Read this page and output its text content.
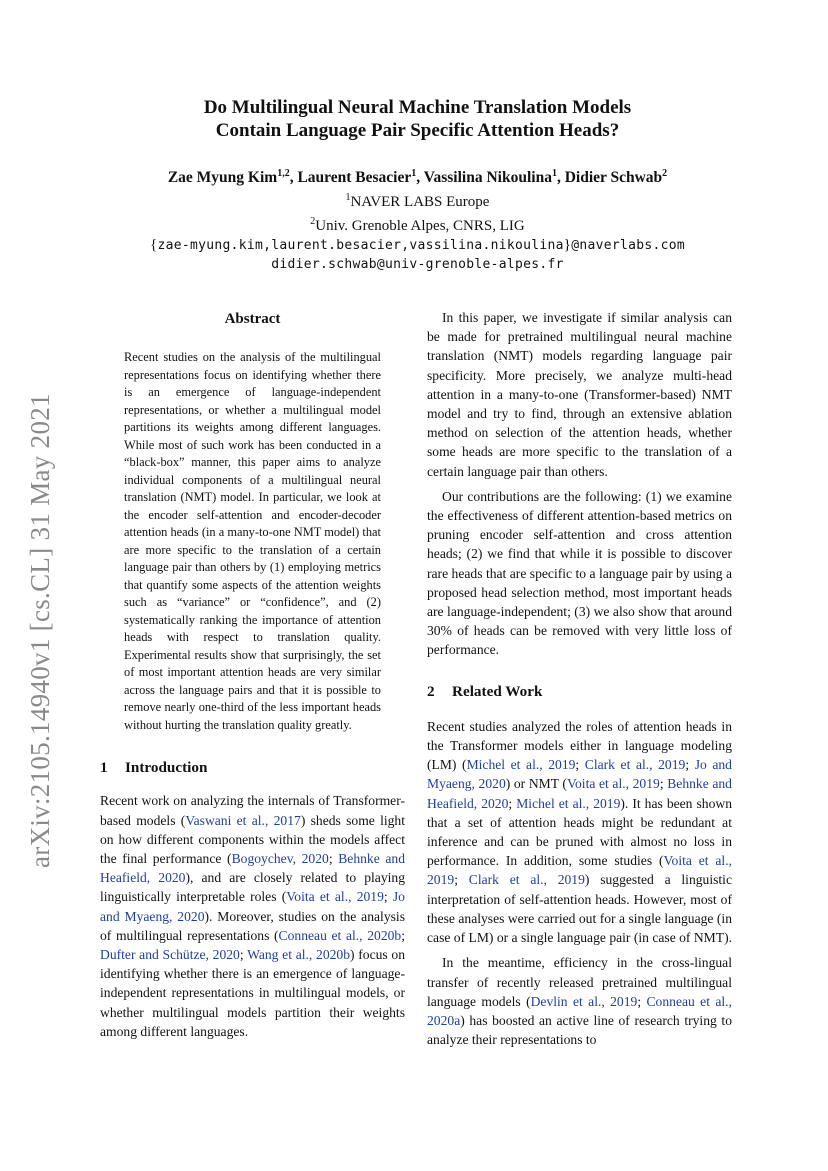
arXiv:2105.14940v1 [cs.CL] 31 May 2021
Do Multilingual Neural Machine Translation Models
Contain Language Pair Specific Attention Heads?
Zae Myung Kim$^{1,2}$, Laurent Besacier$^1$, Vassilina Nikoulina$^1$, Didier Schwab$^2$
$^1$NAVER LABS Europe
$^2$Univ. Grenoble Alpes, CNRS, LIG
{zae-myung.kim,laurent.besacier,vassilina.nikoulina}@naverlabs.com
didier.schwab@univ-grenoble-alpes.fr
Abstract
Recent studies on the analysis of the multilingual representations focus on identifying whether there is an emergence of language-independent representations, or whether a multilingual model partitions its weights among different languages. While most of such work has been conducted in a “black-box” manner, this paper aims to analyze individual components of a multilingual neural translation (NMT) model. In particular, we look at the encoder self-attention and encoder-decoder attention heads (in a many-to-one NMT model) that are more specific to the translation of a certain language pair than others by (1) employing metrics that quantify some aspects of the attention weights such as “variance” or “confidence”, and (2) systematically ranking the importance of attention heads with respect to translation quality. Experimental results show that surprisingly, the set of most important attention heads are very similar across the language pairs and that it is possible to remove nearly one-third of the less important heads without hurting the translation quality greatly.
1 Introduction

Recent work on analyzing the internals of Transformer-based models (Vaswani et al., 2017) sheds some light on how different components within the models affect the final performance (Bogoychev, 2020; Behnke and Heafield, 2020), and are closely related to playing linguistically interpretable roles (Voita et al., 2019; Jo and Myaeng, 2020). Moreover, studies on the analysis of multilingual representations (Conneau et al., 2020b; Dufter and Schütze, 2020; Wang et al., 2020b) focus on identifying whether there is an emergence of language-independent representations in multilingual models, or whether multilingual models partition their weights among different languages.

In this paper, we investigate if similar analysis can be made for pretrained multilingual neural machine translation (NMT) models regarding language pair specificity. More precisely, we analyze multi-head attention in a many-to-one (Transformer-based) NMT model and try to find, through an extensive ablation method on selection of the attention heads, whether some heads are more specific to the translation of a certain language pair than others.

Our contributions are the following: (1) we examine the effectiveness of different attention-based metrics on pruning encoder self-attention and cross attention heads; (2) we find that while it is possible to discover rare heads that are specific to a language pair by using a proposed head selection method, most important heads are language-independent; (3) we also show that around 30% of heads can be removed with very little loss of performance.

2 Related Work

Recent studies analyzed the roles of attention heads in the Transformer models either in language modeling (LM) (Michel et al., 2019; Clark et al., 2019; Jo and Myaeng, 2020) or NMT (Voita et al., 2019; Behnke and Heafield, 2020; Michel et al., 2019). It has been shown that a set of attention heads might be redundant at inference and can be pruned with almost no loss in performance. In addition, some studies (Voita et al., 2019; Clark et al., 2019) suggested a linguistic interpretation of self-attention heads. However, most of these analyses were carried out for a single language (in case of LM) or a single language pair (in case of NMT).

In the meantime, efficiency in the cross-lingual transfer of recently released pretrained multilingual language models (Devlin et al., 2019; Conneau et al., 2020a) has boosted an active line of research trying to analyze their representations to
